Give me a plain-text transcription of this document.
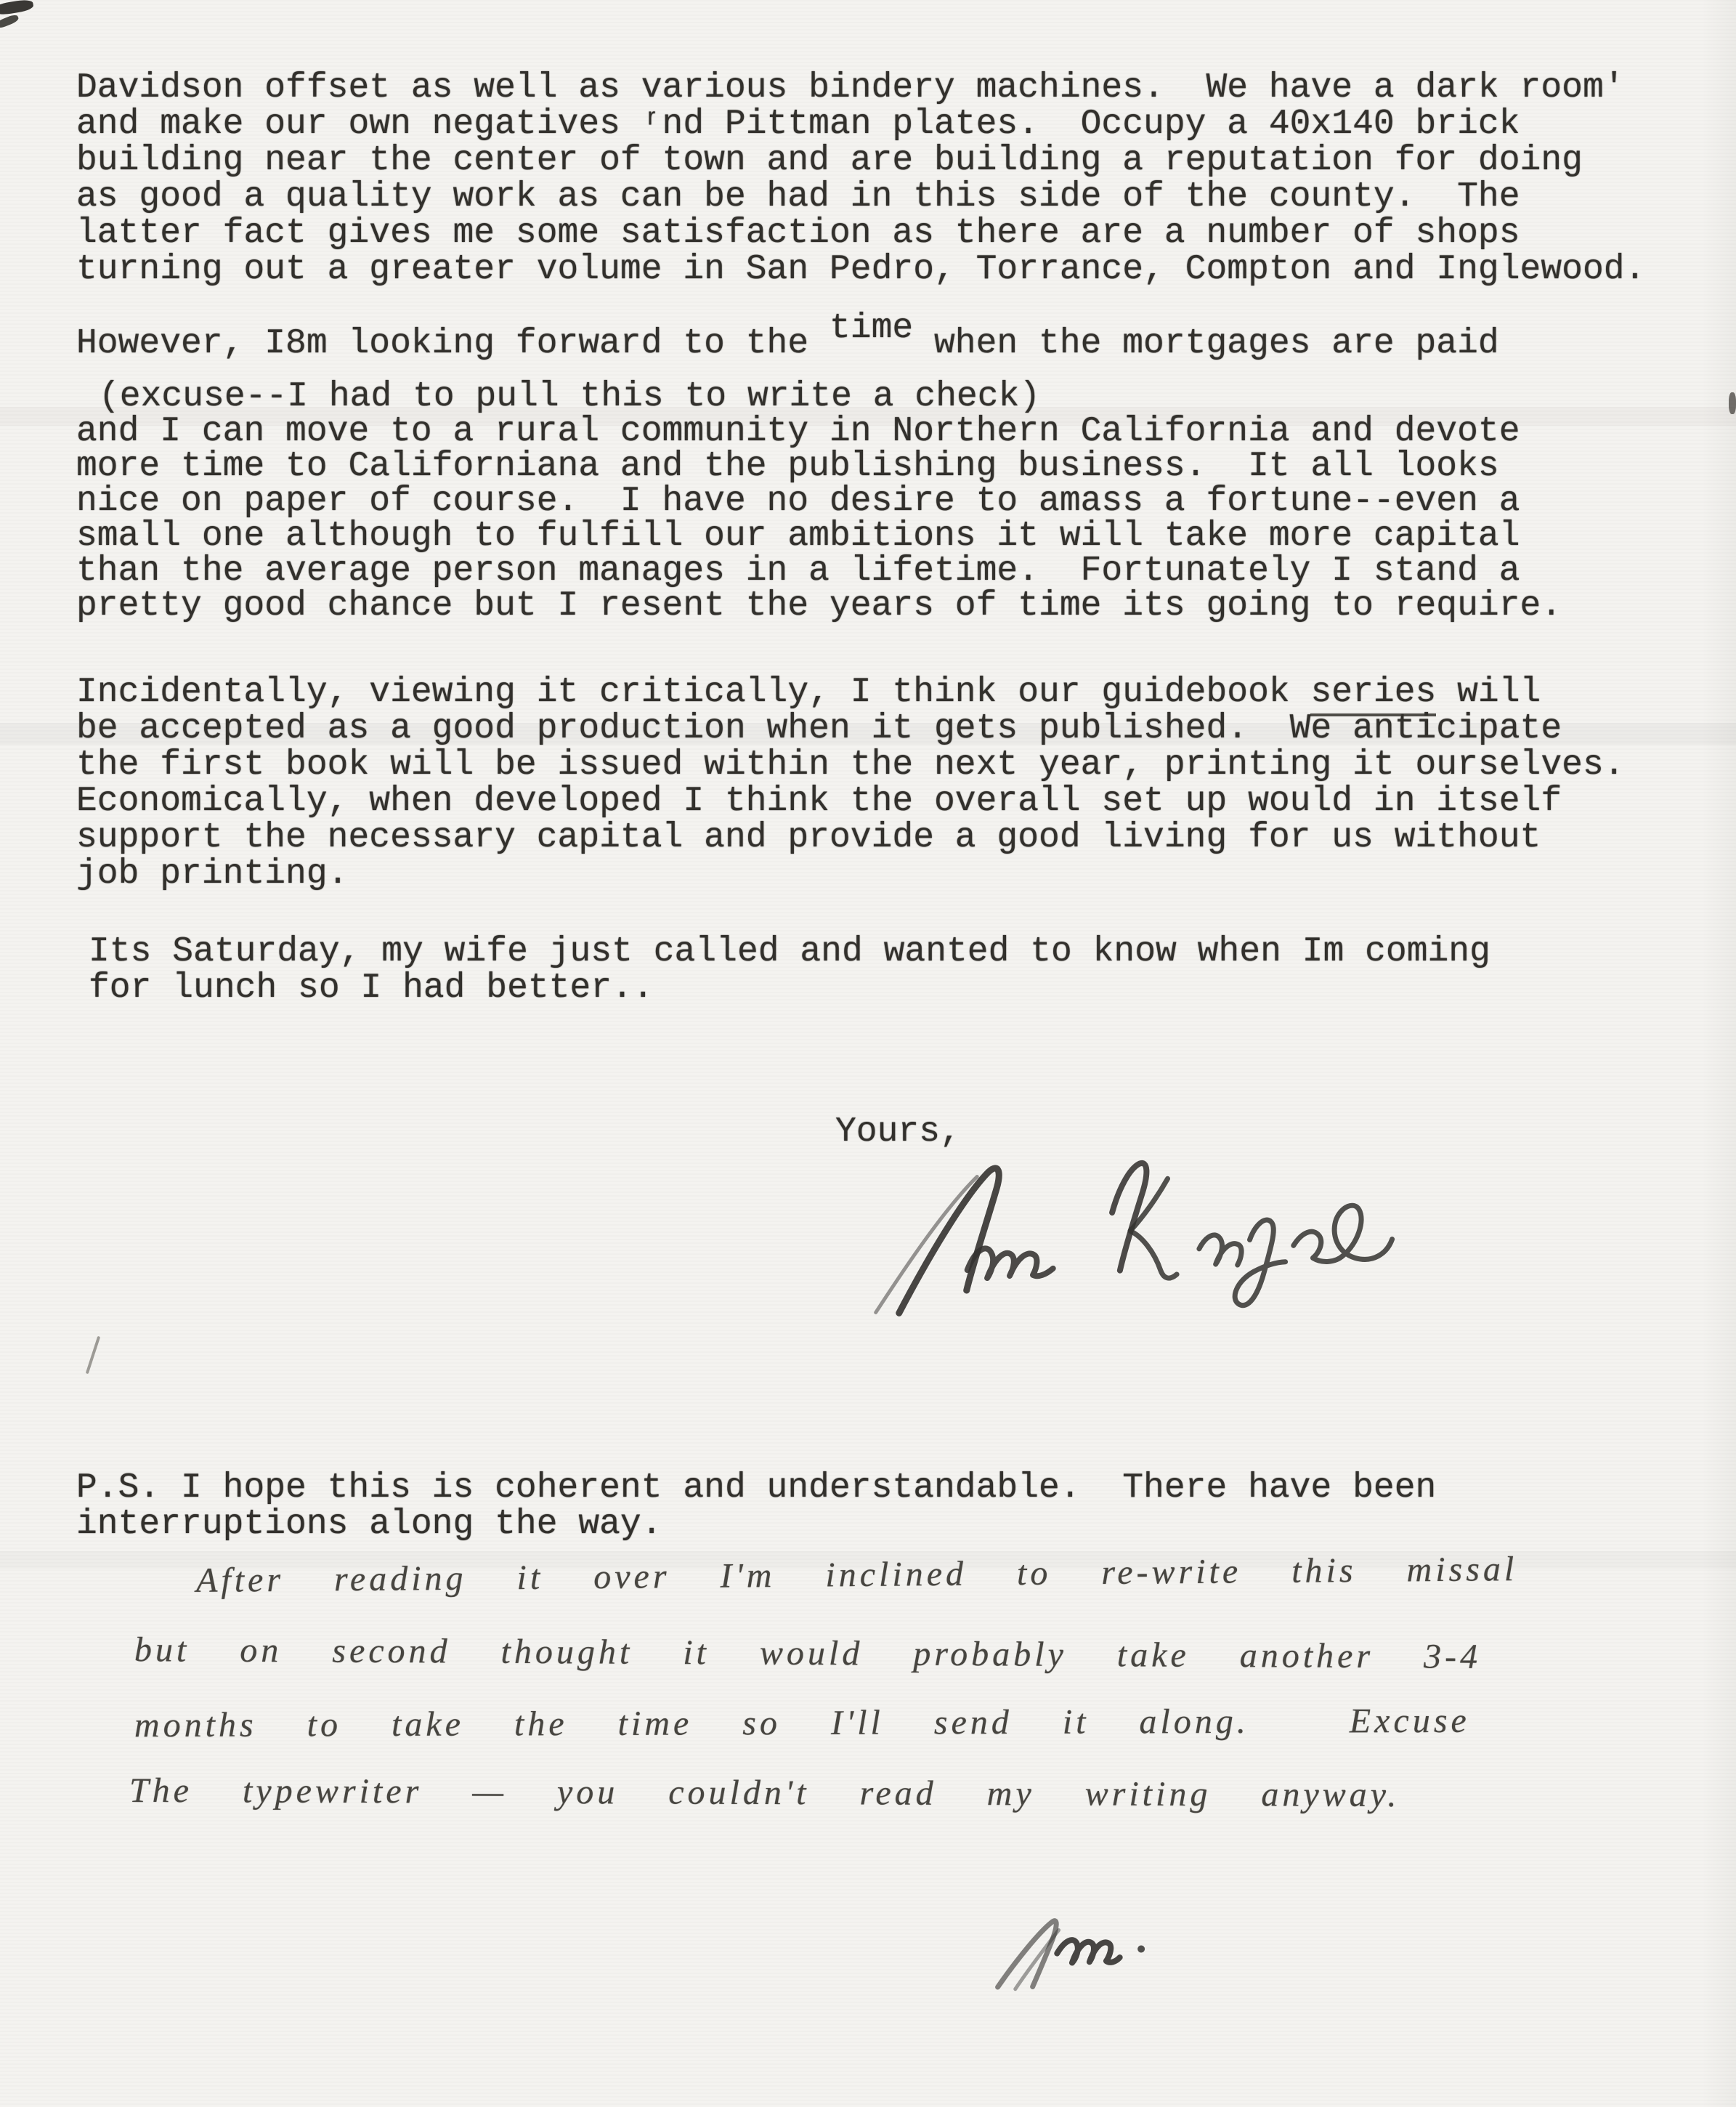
Davidson offset as well as various bindery machines.  We have a dark room'
and make our own negatives ʳnd Pittman plates.  Occupy a 40x140 brick
building near the center of town and are building a reputation for doing
as good a quality work as can be had in this side of the county.  The
latter fact gives me some satisfaction as there are a number of shops
turning out a greater volume in San Pedro, Torrance, Compton and Inglewood.
However, I8m looking forward to the time when the mortgages are paid
(excuse--I had to pull this to write a check)
and I can move to a rural community in Northern California and devote
more time to Californiana and the publishing business.  It all looks
nice on paper of course.  I have no desire to amass a fortune--even a
small one although to fulfill our ambitions it will take more capital
than the average person manages in a lifetime.  Fortunately I stand a
pretty good chance but I resent the years of time its going to require.
Incidentally, viewing it critically, I think our guidebook series will
be accepted as a good production when it gets published.  We anticipate
the first book will be issued within the next year, printing it ourselves.
Economically, when developed I think the overall set up would in itself
support the necessary capital and provide a good living for us without
job printing.
Its Saturday, my wife just called and wanted to know when Im coming
for lunch so I had better..
Yours,
P.S. I hope this is coherent and understandable.  There have been
interruptions along the way.
After reading it over I'm inclined to re-write this missal
but on second thought it would probably take another 3-4
months to take the time so I'll send it along.  Excuse
The typewriter — you couldn't read my writing anyway.
